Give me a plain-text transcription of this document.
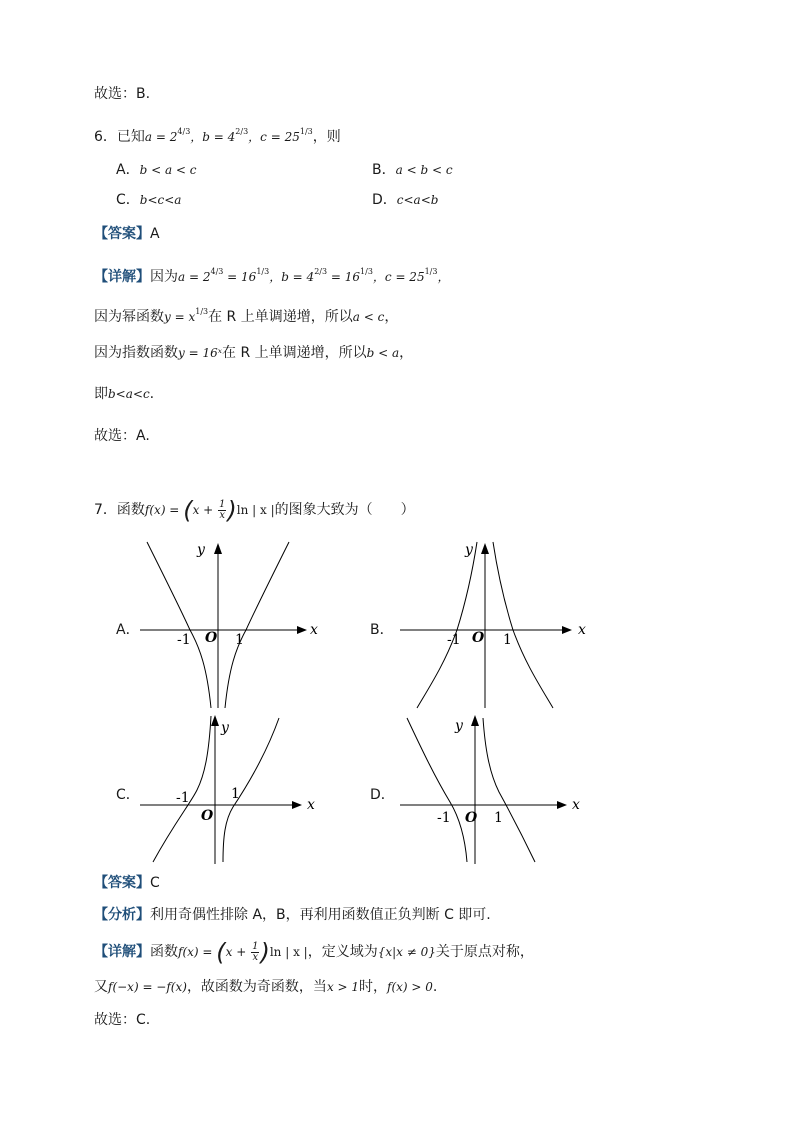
故选：B.
6．已知$a = 2^{4/3}$，$b = 4^{2/3}$，$c = 25^{1/3}$，则
A．b < a < c	B．a < b < c
C．b<c<a	D．c<a<b
【答案】A
【详解】因为$a = 2^{4/3} = 16^{1/3}$，$b = 4^{2/3} = 16^{1/3}$，$c = 25^{1/3}$，
因为幂函数$y = x^{1/3}$在 R 上单调递增，所以a < c，
因为指数函数y = 16ˣ在 R 上单调递增，所以b < a，
即b<a<c.
故选：A.
7．函数$f(x) = (x + \frac{1}{x} )\ln$ | x |的图象大致为（　　）
A．	x
y
O
-1	1
B．	x
y
O
-1	1
C．
x
y
O
-1	1	D．
x
y
O
-1	1
【答案】C
【分析】利用奇偶性排除 A，B，再利用函数值正负判断 C 即可.
【详解】函数$f(x) = (x + \frac{1}{x} )\ln$ | x |，定义域为{x|x ≠ 0}关于原点对称，
又f(−x) = −f(x)，故函数为奇函数，当x > 1时，f(x) > 0.
故选：C.
